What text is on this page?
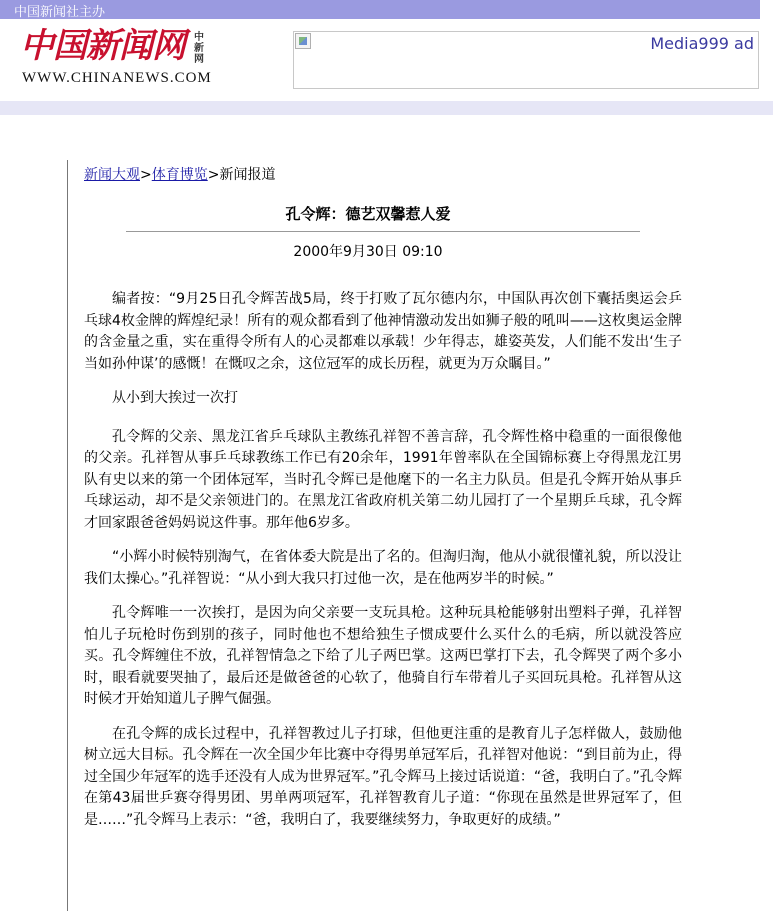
中国新闻社主办
中国新闻网 中新网
WWW.CHINANEWS.COM
Media999 ad
新闻大观>体育博览>新闻报道
孔令辉：德艺双馨惹人爱
2000年9月30日 09:10

编者按：“9月25日孔令辉苦战5局，终于打败了瓦尔德内尔，中国队再次创下囊括奥运会乒乓球4枚金牌的辉煌纪录！所有的观众都看到了他神情激动发出如狮子般的吼叫——这枚奥运金牌的含金量之重，实在重得令所有人的心灵都难以承载！少年得志，雄姿英发，人们能不发出‘生子当如孙仲谋’的感慨！在慨叹之余，这位冠军的成长历程，就更为万众瞩目。”

从小到大挨过一次打

孔令辉的父亲、黑龙江省乒乓球队主教练孔祥智不善言辞，孔令辉性格中稳重的一面很像他的父亲。孔祥智从事乒乓球教练工作已有20余年，1991年曾率队在全国锦标赛上夺得黑龙江男队有史以来的第一个团体冠军，当时孔令辉已是他麾下的一名主力队员。但是孔令辉开始从事乒乓球运动，却不是父亲领进门的。在黑龙江省政府机关第二幼儿园打了一个星期乒乓球，孔令辉才回家跟爸爸妈妈说这件事。那年他6岁多。

“小辉小时候特别淘气，在省体委大院是出了名的。但淘归淘，他从小就很懂礼貌，所以没让我们太操心。”孔祥智说：“从小到大我只打过他一次，是在他两岁半的时候。”

孔令辉唯一一次挨打，是因为向父亲要一支玩具枪。这种玩具枪能够射出塑料子弹，孔祥智怕儿子玩枪时伤到别的孩子，同时他也不想给独生子惯成要什么买什么的毛病，所以就没答应买。孔令辉缠住不放，孔祥智情急之下给了儿子两巴掌。这两巴掌打下去，孔令辉哭了两个多小时，眼看就要哭抽了，最后还是做爸爸的心软了，他骑自行车带着儿子买回玩具枪。孔祥智从这时候才开始知道儿子脾气倔强。

在孔令辉的成长过程中，孔祥智教过儿子打球，但他更注重的是教育儿子怎样做人，鼓励他树立远大目标。孔令辉在一次全国少年比赛中夺得男单冠军后，孔祥智对他说：“到目前为止，得过全国少年冠军的选手还没有人成为世界冠军。”孔令辉马上接过话说道：“爸，我明白了。”孔令辉在第43届世乒赛夺得男团、男单两项冠军，孔祥智教育儿子道：“你现在虽然是世界冠军了，但是……”孔令辉马上表示：“爸，我明白了，我要继续努力，争取更好的成绩。”
